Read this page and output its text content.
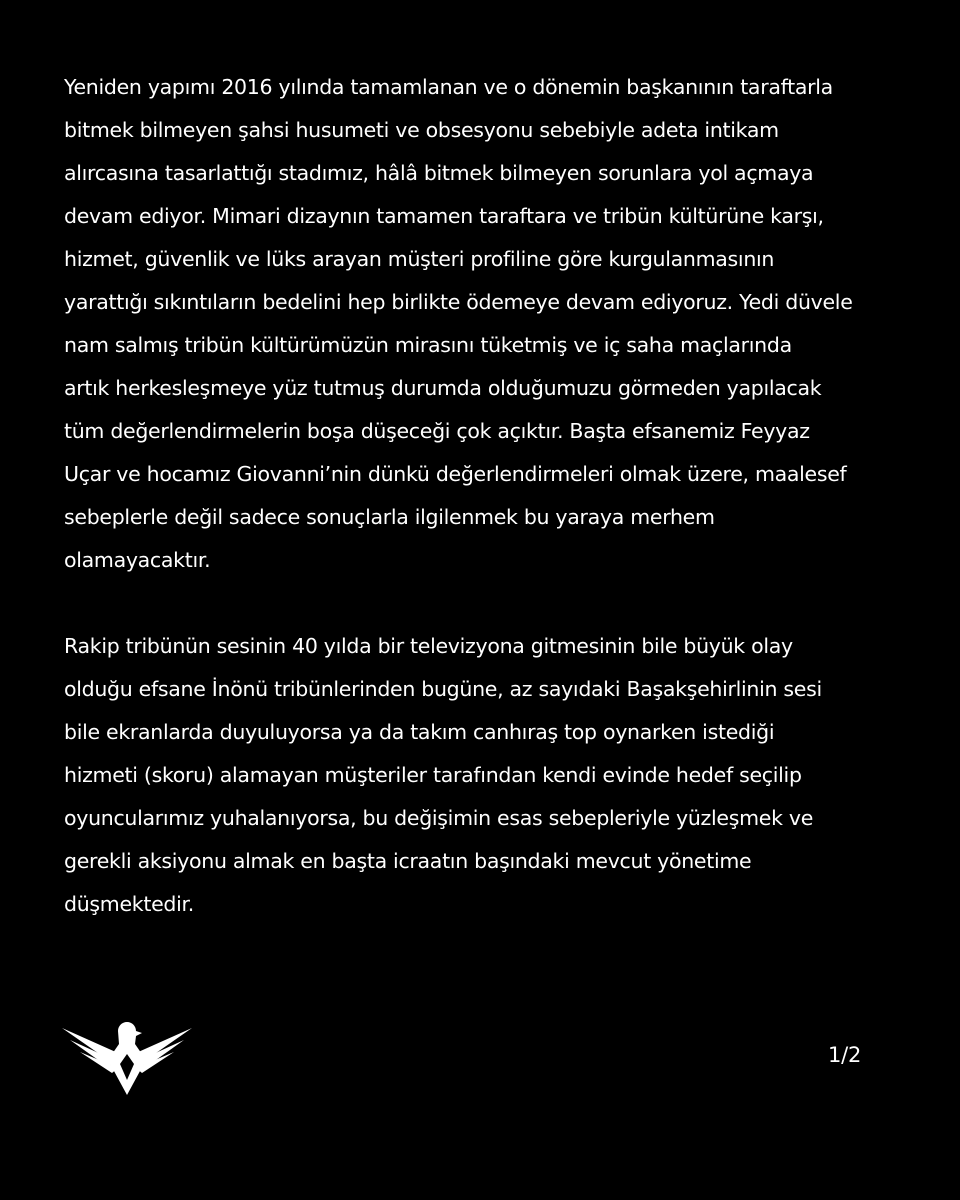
Yeniden yapımı 2016 yılında tamamlanan ve o dönemin başkanının taraftarla
bitmek bilmeyen şahsi husumeti ve obsesyonu sebebiyle adeta intikam
alırcasına tasarlattığı stadımız, hâlâ bitmek bilmeyen sorunlara yol açmaya
devam ediyor. Mimari dizaynın tamamen taraftara ve tribün kültürüne karşı,
hizmet, güvenlik ve lüks arayan müşteri profiline göre kurgulanmasının
yarattığı sıkıntıların bedelini hep birlikte ödemeye devam ediyoruz. Yedi düvele
nam salmış tribün kültürümüzün mirasını tüketmiş ve iç saha maçlarında
artık herkesleşmeye yüz tutmuş durumda olduğumuzu görmeden yapılacak
tüm değerlendirmelerin boşa düşeceği çok açıktır. Başta efsanemiz Feyyaz
Uçar ve hocamız Giovanni’nin dünkü değerlendirmeleri olmak üzere, maalesef
sebeplerle değil sadece sonuçlarla ilgilenmek bu yaraya merhem
olamayacaktır.
Rakip tribünün sesinin 40 yılda bir televizyona gitmesinin bile büyük olay
olduğu efsane İnönü tribünlerinden bugüne, az sayıdaki Başakşehirlinin sesi
bile ekranlarda duyuluyorsa ya da takım canhıraş top oynarken istediği
hizmeti (skoru) alamayan müşteriler tarafından kendi evinde hedef seçilip
oyuncularımız yuhalanıyorsa, bu değişimin esas sebepleriyle yüzleşmek ve
gerekli aksiyonu almak en başta icraatın başındaki mevcut yönetime
düşmektedir.
1/2
